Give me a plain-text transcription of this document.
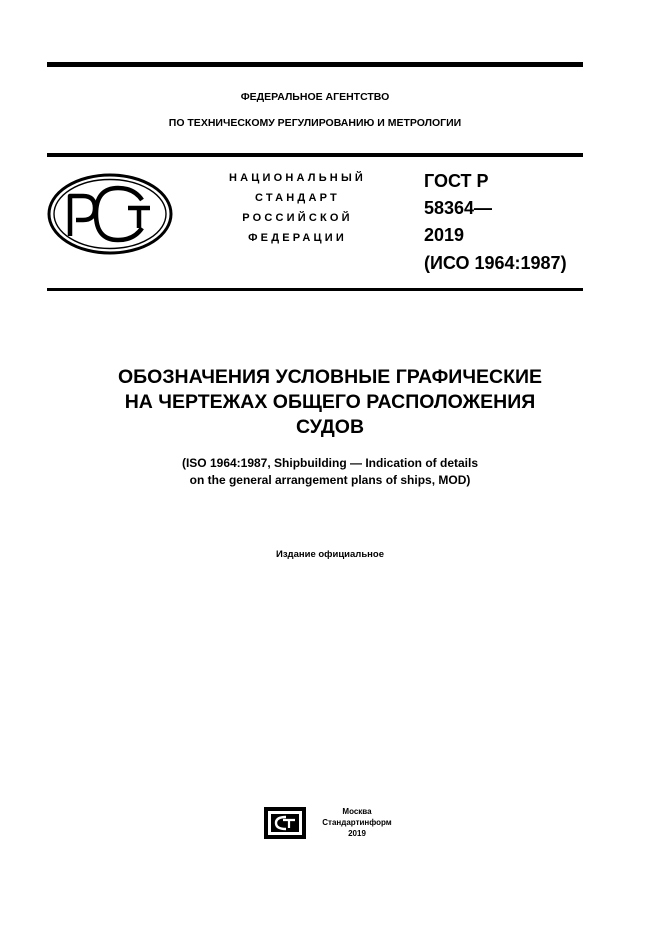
ФЕДЕРАЛЬНОЕ АГЕНТСТВО
ПО ТЕХНИЧЕСКОМУ РЕГУЛИРОВАНИЮ И МЕТРОЛОГИИ
НАЦИОНАЛЬНЫЙ
СТАНДАРТ
РОССИЙСКОЙ
ФЕДЕРАЦИИ
ГОСТ Р
58364—
2019
(ИСО 1964:1987)
ОБОЗНАЧЕНИЯ УСЛОВНЫЕ ГРАФИЧЕСКИЕ
НА ЧЕРТЕЖАХ ОБЩЕГО РАСПОЛОЖЕНИЯ
СУДОВ
(ISO 1964:1987, Shipbuilding — Indication of details
on the general arrangement plans of ships, MOD)
Издание официальное
Москва
Стандартинформ
2019
